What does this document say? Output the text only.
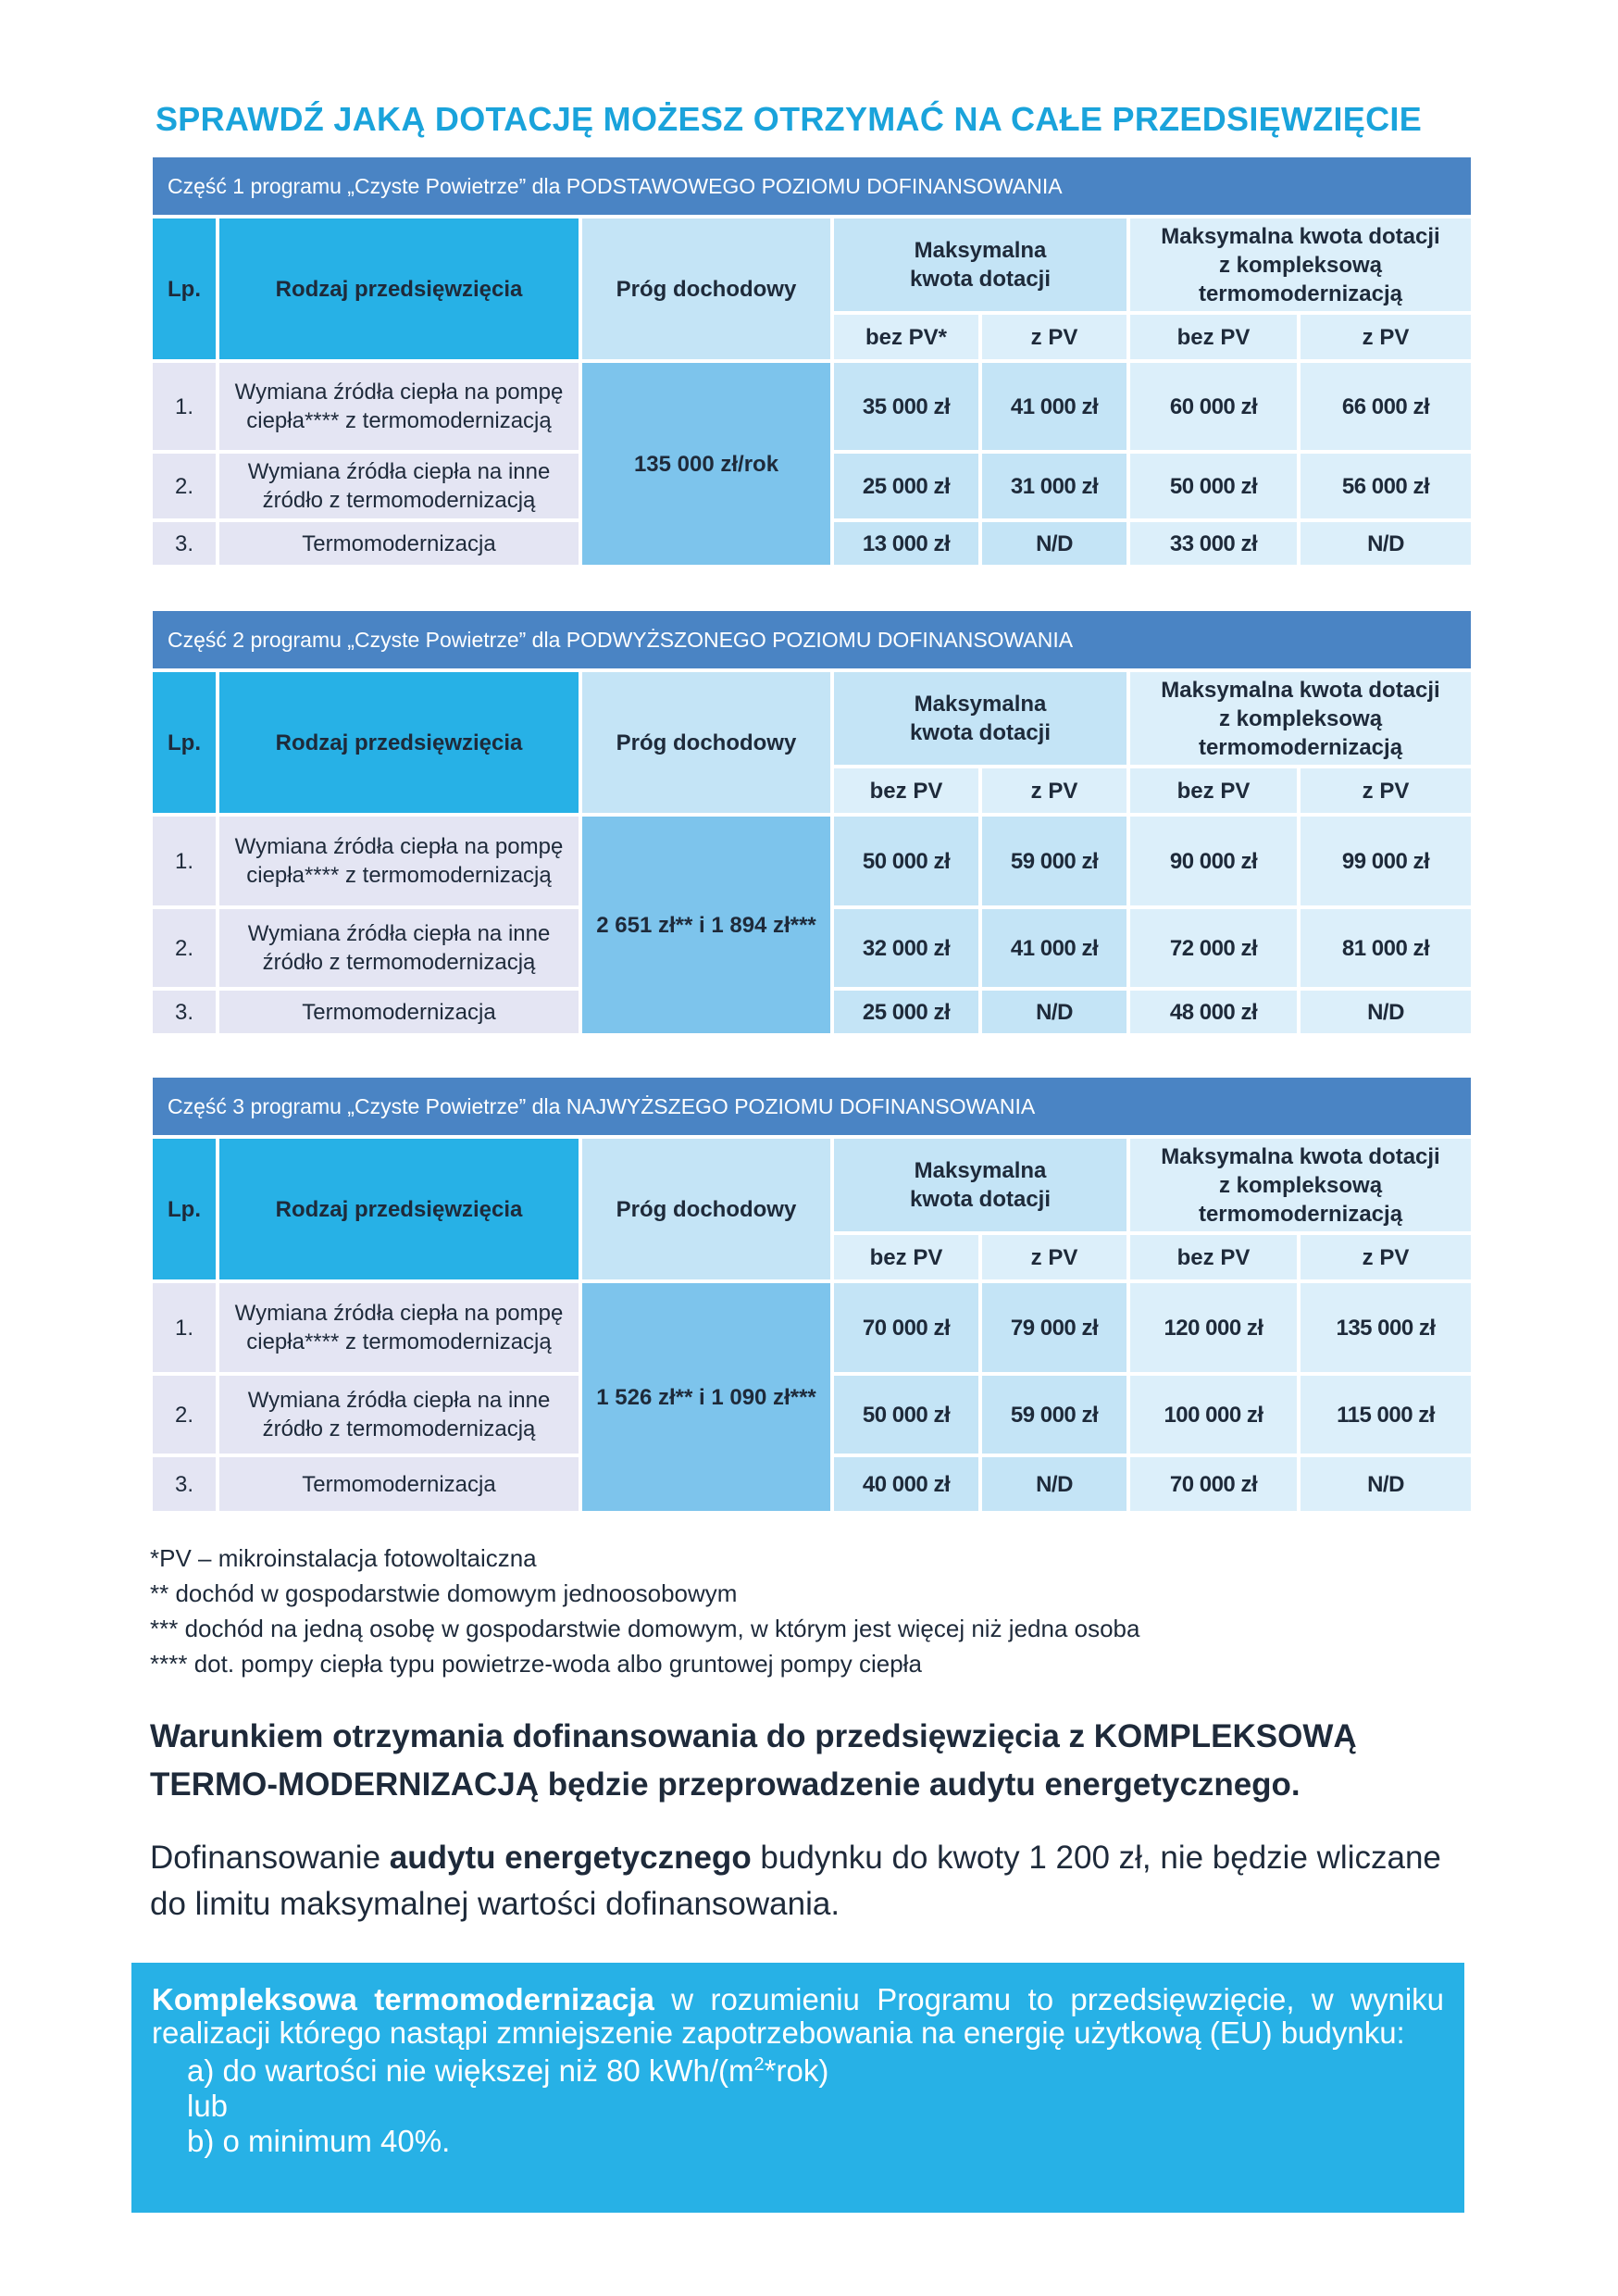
SPRAWDŹ JAKĄ DOTACJĘ MOŻESZ OTRZYMAĆ NA CAŁE PRZEDSIĘWZIĘCIE
Część 1 programu „Czyste Powietrze” dla PODSTAWOWEGO POZIOMU DOFINANSOWANIA						
Lp.	Rodzaj przedsięwzięcia	Próg dochodowy	Maksymalna kwota dotacji		Maksymalna kwota dotacji z kompleksową termomodernizacją	
			bez PV*	z PV	bez PV	z PV
1.	Wymiana źródła ciepła na pompę ciepła**** z termomodernizacją	135 000 zł/rok	35 000 zł	41 000 zł	60 000 zł	66 000 zł
2.	Wymiana źródła ciepła na inne źródło z termomodernizacją		25 000 zł	31 000 zł	50 000 zł	56 000 zł
3.	Termomodernizacja		13 000 zł	N/D	33 000 zł	N/D
Część 2 programu „Czyste Powietrze” dla PODWYŻSZONEGO POZIOMU DOFINANSOWANIA						
Lp.	Rodzaj przedsięwzięcia	Próg dochodowy	Maksymalna kwota dotacji		Maksymalna kwota dotacji z kompleksową termomodernizacją	
			bez PV	z PV	bez PV	z PV
1.	Wymiana źródła ciepła na pompę ciepła**** z termomodernizacją	2 651 zł** i 1 894 zł***	50 000 zł	59 000 zł	90 000 zł	99 000 zł
2.	Wymiana źródła ciepła na inne źródło z termomodernizacją		32 000 zł	41 000 zł	72 000 zł	81 000 zł
3.	Termomodernizacja		25 000 zł	N/D	48 000 zł	N/D
Część 3 programu „Czyste Powietrze” dla NAJWYŻSZEGO POZIOMU DOFINANSOWANIA						
Lp.	Rodzaj przedsięwzięcia	Próg dochodowy	Maksymalna kwota dotacji		Maksymalna kwota dotacji z kompleksową termomodernizacją	
			bez PV	z PV	bez PV	z PV
1.	Wymiana źródła ciepła na pompę ciepła**** z termomodernizacją	1 526 zł** i 1 090 zł***	70 000 zł	79 000 zł	120 000 zł	135 000 zł
2.	Wymiana źródła ciepła na inne źródło z termomodernizacją		50 000 zł	59 000 zł	100 000 zł	115 000 zł
3.	Termomodernizacja		40 000 zł	N/D	70 000 zł	N/D
*PV – mikroinstalacja fotowoltaiczna
** dochód w gospodarstwie domowym jednoosobowym
*** dochód na jedną osobę w gospodarstwie domowym, w którym jest więcej niż jedna osoba
**** dot. pompy ciepła typu powietrze-woda albo gruntowej pompy ciepła
Warunkiem otrzymania dofinansowania do przedsięwzięcia z KOMPLEKSOWĄ TERMO-MODERNIZACJĄ będzie przeprowadzenie audytu energetycznego.
Dofinansowanie audytu energetycznego budynku do kwoty 1 200 zł, nie będzie wliczane do limitu maksymalnej wartości dofinansowania.
Kompleksowa termomodernizacja w rozumieniu Programu to przedsięwzięcie, w wyniku realizacji którego nastąpi zmniejszenie zapotrzebowania na energię użytkową (EU) budynku:
a) do wartości nie większej niż 80 kWh/$(m^2*rok)$
lub
b) o minimum 40%.
